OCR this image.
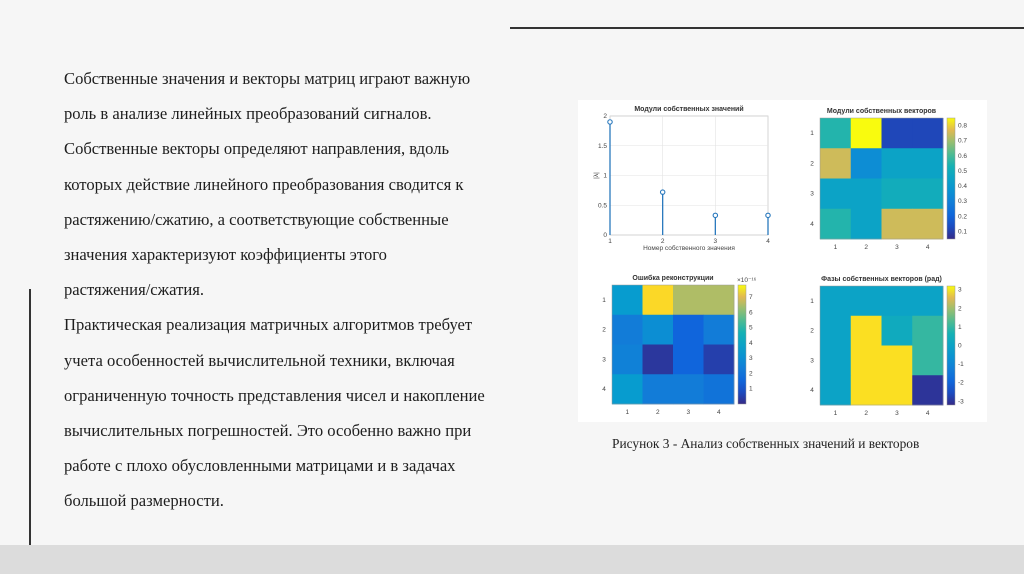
Собственные значения и векторы матриц играют важную
роль в анализе линейных преобразований сигналов.
Собственные векторы определяют направления, вдоль
которых действие линейного преобразования сводится к
растяжению/сжатию, а соответствующие собственные
значения характеризуют коэффициенты этого
растяжения/сжатия.

Практическая реализация матричных алгоритмов требует
учета особенностей вычислительной техники, включая
ограниченную точность представления чисел и накопление
вычислительных погрешностей. Это особенно важно при
работе с плохо обусловленными матрицами и в задачах
большой размерности.

0
0.5
1
1.5
2
1	2	3	4
Модули собственных значений
Номер собственного значения
|λ|
1
2
3
4
1	2	3	4
Модули собственных векторов
0.8
0.7
0.6
0.5
0.4
0.3
0.2
0.1
1
2
3
4
1	2	3	4
Ошибка реконструкции	×10⁻¹⁶
7
6
5
4
3
2
1
1
2
3
4
1	2	3	4
Фазы собственных векторов (рад)
3
2
1
0
-1
-2
-3
Рисунок 3 - Анализ собственных значений и векторов
